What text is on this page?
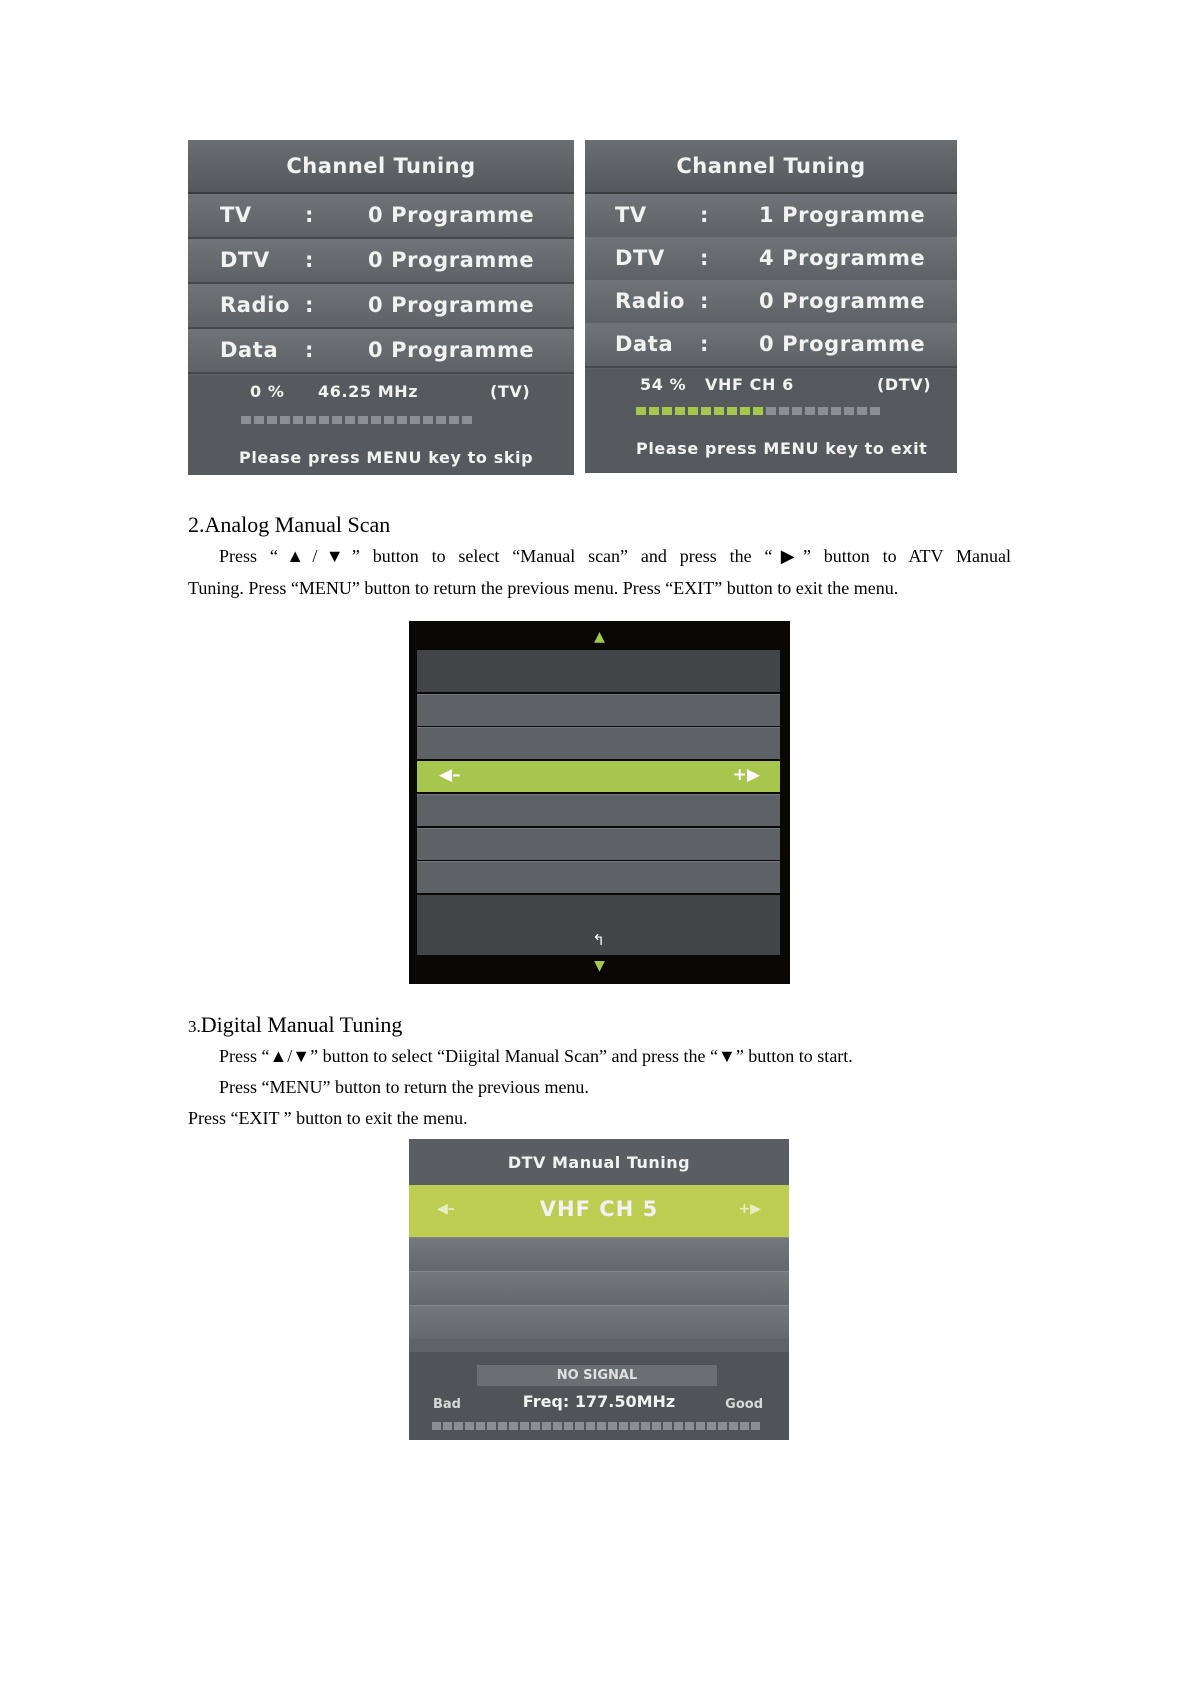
Channel Tuning
TV	:	0 Programme
DTV :	0 Programme
Radio :	0 Programme
Data :	0 Programme
0 % 46.25 MHz	(TV)
Please press MENU key to skip
Channel Tuning
TV	: 1 Programme
DTV : 4 Programme
Radio : 0 Programme
Data : 0 Programme
54 % VHF CH 6	(DTV)
Please press MENU key to exit
2.Analog Manual Scan
Press “▲/▼” button to select “Manual scan” and press the “▶” button to ATV Manual
Tuning. Press “MENU” button to return the previous menu. Press “EXIT” button to exit the menu.
▲
◀–	+▶
↰
▼
3.Digital Manual Tuning
Press “▲/▼” button to select “Diigital Manual Scan” and press the “▼” button to start.
Press “MENU” button to return the previous menu.
Press “EXIT ” button to exit the menu.
DTV Manual Tuning
◀–	VHF CH 5	+▶
NO SIGNAL
Bad	Freq: 177.50MHz	Good
